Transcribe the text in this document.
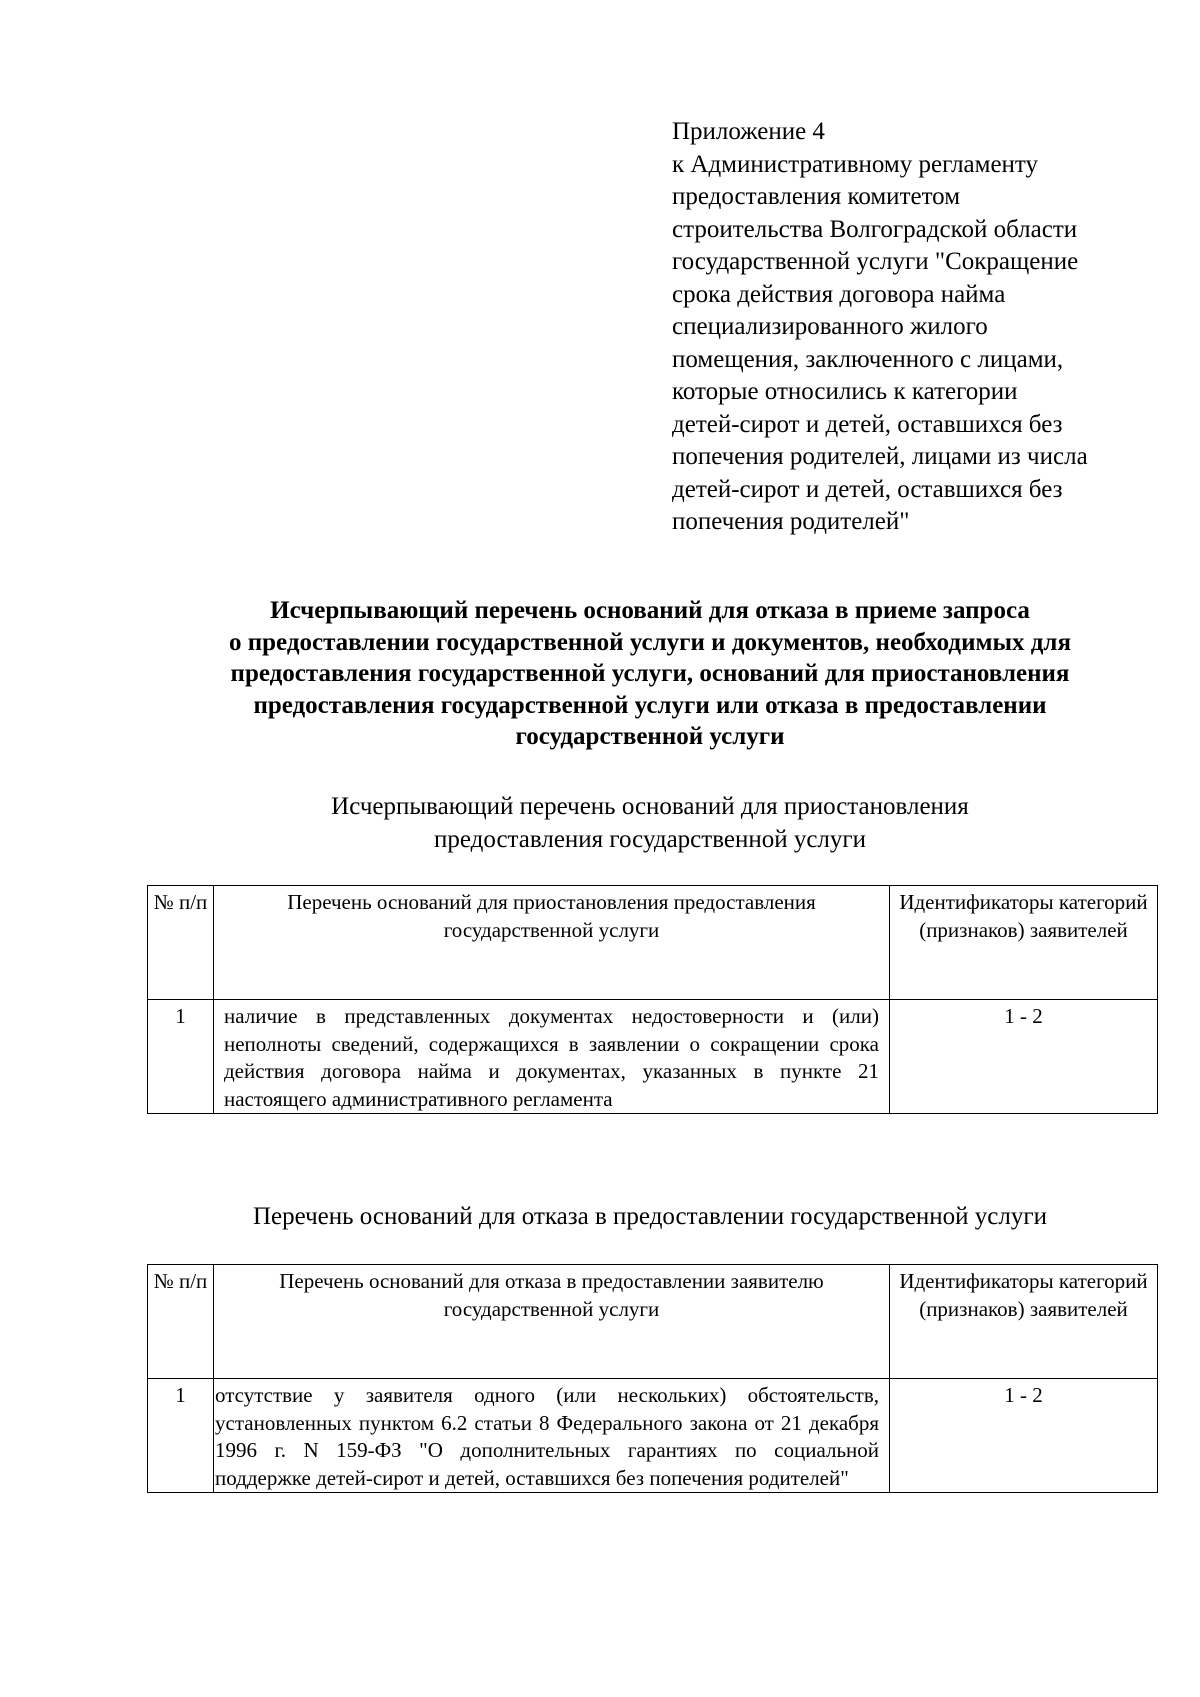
Приложение 4
к Административному регламенту
предоставления комитетом
строительства Волгоградской области
государственной услуги "Сокращение
срока действия договора найма
специализированного жилого
помещения, заключенного с лицами,
которые относились к категории
детей-сирот и детей, оставшихся без
попечения родителей, лицами из числа
детей-сирот и детей, оставшихся без
попечения родителей"
Исчерпывающий перечень оснований для отказа в приеме запроса
о предоставлении государственной услуги и документов, необходимых для
предоставления государственной услуги, оснований для приостановления
предоставления государственной услуги или отказа в предоставлении
государственной услуги
Исчерпывающий перечень оснований для приостановления
предоставления государственной услуги
№ п/п	Перечень оснований для приостановления предоставления государственной услуги	Идентификаторы категорий (признаков) заявителей
1	наличие в представленных документах недостоверности и (или) неполноты сведений, содержащихся в заявлении о сокращении срока действия договора найма и документах, указанных в пункте 21 настоящего административного регламента	1 - 2
Перечень оснований для отказа в предоставлении государственной услуги
№ п/п	Перечень оснований для отказа в предоставлении заявителю государственной услуги	Идентификаторы категорий (признаков) заявителей
1	отсутствие у заявителя одного (или нескольких) обстоятельств, установленных пунктом 6.2 статьи 8 Федерального закона от 21 декабря 1996 г. N 159-ФЗ "О дополнительных гарантиях по социальной поддержке детей-сирот и детей, оставшихся без попечения родителей"	1 - 2
